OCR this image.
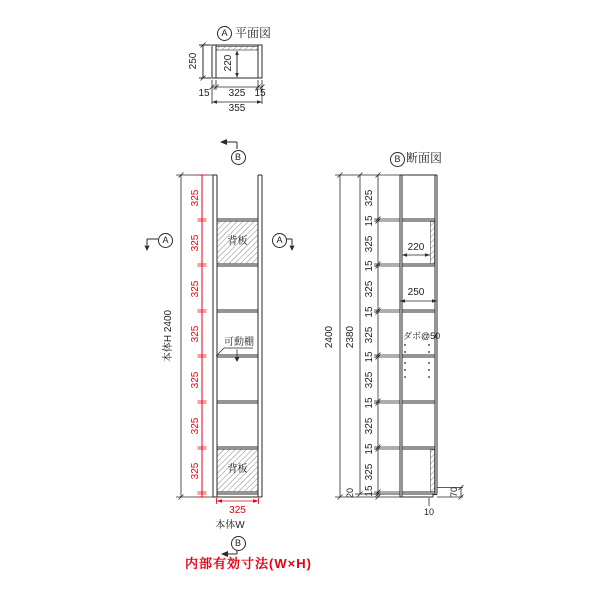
A 平面図
250 220
15	325 15
355
B
A	A
本体H 2400
325
325
325
325
325
325
325
背板
可動棚
背板
325
本体W
B
B 断面図
2400 2380
325
15
325
15
325
15
325
15
325
15
325
15
325
15
20
220
250
ダボ@50
70
10
内部有効寸法(W×H)
